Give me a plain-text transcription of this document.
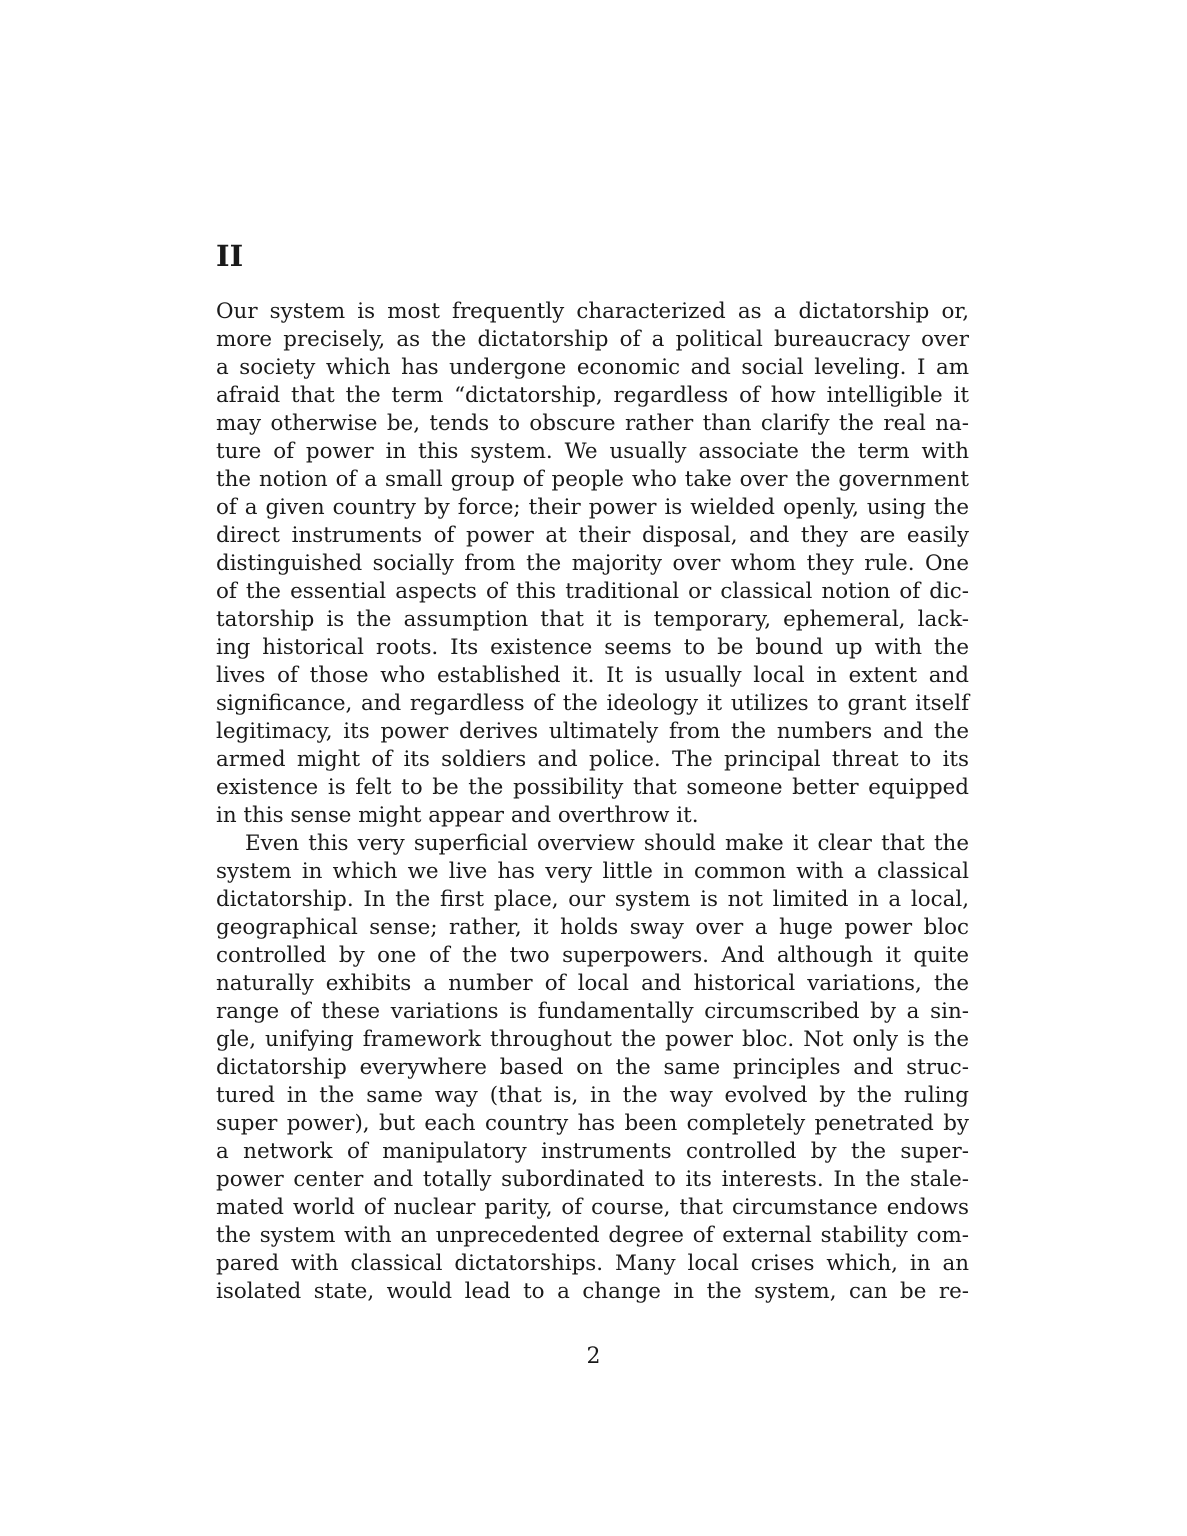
II
Our system is most frequently characterized as a dictatorship or,
more precisely, as the dictatorship of a political bureaucracy over
a society which has undergone economic and social leveling. I am
afraid that the term “dictatorship, regardless of how intelligible it
may otherwise be, tends to obscure rather than clarify the real na-
ture of power in this system. We usually associate the term with
the notion of a small group of people who take over the government
of a given country by force; their power is wielded openly, using the
direct instruments of power at their disposal, and they are easily
distinguished socially from the majority over whom they rule. One
of the essential aspects of this traditional or classical notion of dic-
tatorship is the assumption that it is temporary, ephemeral, lack-
ing historical roots. Its existence seems to be bound up with the
lives of those who established it. It is usually local in extent and
significance, and regardless of the ideology it utilizes to grant itself
legitimacy, its power derives ultimately from the numbers and the
armed might of its soldiers and police. The principal threat to its
existence is felt to be the possibility that someone better equipped
in this sense might appear and overthrow it.
Even this very superficial overview should make it clear that the
system in which we live has very little in common with a classical
dictatorship. In the first place, our system is not limited in a local,
geographical sense; rather, it holds sway over a huge power bloc
controlled by one of the two superpowers. And although it quite
naturally exhibits a number of local and historical variations, the
range of these variations is fundamentally circumscribed by a sin-
gle, unifying framework throughout the power bloc. Not only is the
dictatorship everywhere based on the same principles and struc-
tured in the same way (that is, in the way evolved by the ruling
super power), but each country has been completely penetrated by
a network of manipulatory instruments controlled by the super-
power center and totally subordinated to its interests. In the stale-
mated world of nuclear parity, of course, that circumstance endows
the system with an unprecedented degree of external stability com-
pared with classical dictatorships. Many local crises which, in an
isolated state, would lead to a change in the system, can be re-
2
